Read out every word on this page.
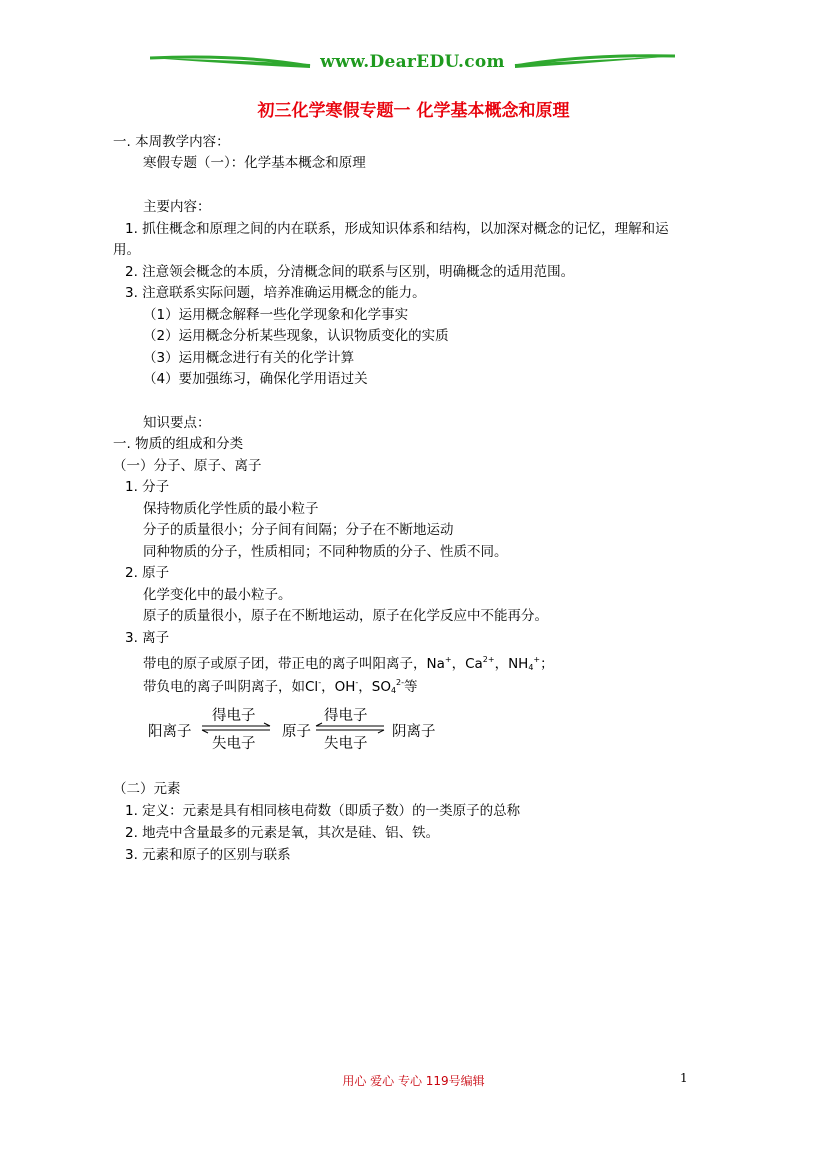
www.DearEDU.com
初三化学寒假专题一 化学基本概念和原理
一. 本周教学内容：
寒假专题（一）：化学基本概念和原理
主要内容：
1. 抓住概念和原理之间的内在联系，形成知识体系和结构，以加深对概念的记忆，理解和运
用。
2. 注意领会概念的本质，分清概念间的联系与区别，明确概念的适用范围。
3. 注意联系实际问题，培养准确运用概念的能力。
（1）运用概念解释一些化学现象和化学事实
（2）运用概念分析某些现象，认识物质变化的实质
（3）运用概念进行有关的化学计算
（4）要加强练习，确保化学用语过关
知识要点：
一. 物质的组成和分类
（一）分子、原子、离子
1. 分子
保持物质化学性质的最小粒子
分子的质量很小；分子间有间隔；分子在不断地运动
同种物质的分子，性质相同；不同种物质的分子、性质不同。
2. 原子
化学变化中的最小粒子。
原子的质量很小，原子在不断地运动，原子在化学反应中不能再分。
3. 离子
带电的原子或原子团，带正电的离子叫阳离子，Na+，$Ca^{2+}$，$NH_4^+$；
带负电的离子叫阴离子，如Cl-，OH-，$SO_4^{2-}$等
阳离子
得电子
失电子
原子
得电子
失电子
阴离子
（二）元素
1. 定义：元素是具有相同核电荷数（即质子数）的一类原子的总称
2. 地壳中含量最多的元素是氧，其次是硅、铝、铁。
3. 元素和原子的区别与联系
用心 爱心 专心 119号编辑	1
